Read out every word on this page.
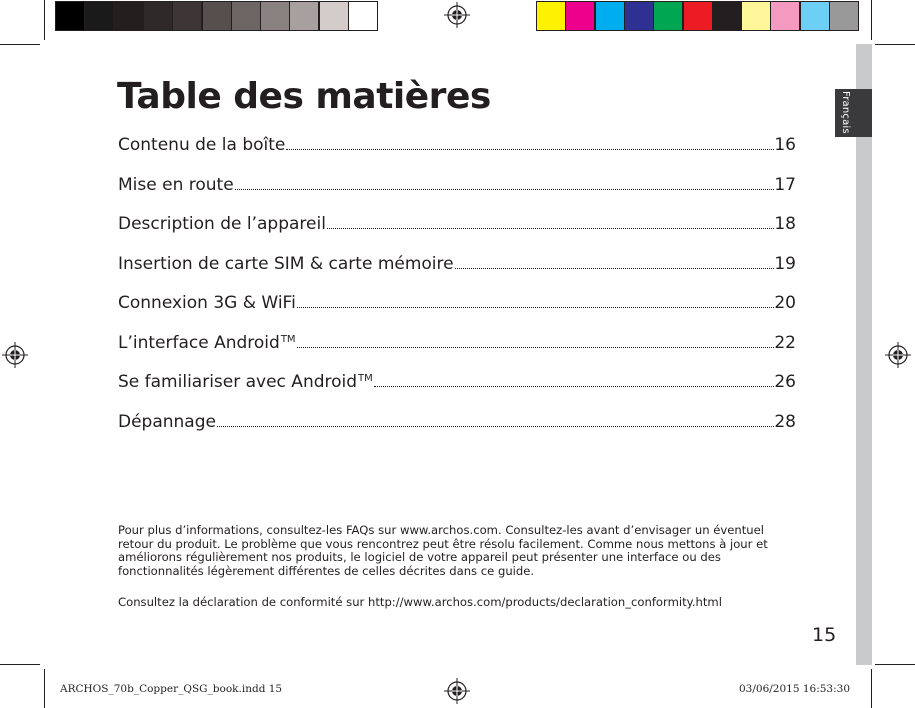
Français
Table des matières
Contenu de la boîte	16
Mise en route	17
Description de l’appareil	18
Insertion de carte SIM & carte mémoire	19
Connexion 3G & WiFi	20
L’interface Android™	22
Se familiariser avec Android™	26
Dépannage	28
Pour plus d’informations, consultez-les FAQs sur www.archos.com. Consultez-les avant d’envisager un éventuel retour du produit. Le problème que vous rencontrez peut être résolu facilement. Comme nous mettons à jour et améliorons régulièrement nos produits, le logiciel de votre appareil peut présenter une interface ou des fonctionnalités légèrement différentes de celles décrites dans ce guide.
Consultez la déclaration de conformité sur http://www.archos.com/products/declaration_conformity.html
15
ARCHOS_70b_Copper_QSG_book.indd 15	03/06/2015 16:53:30
